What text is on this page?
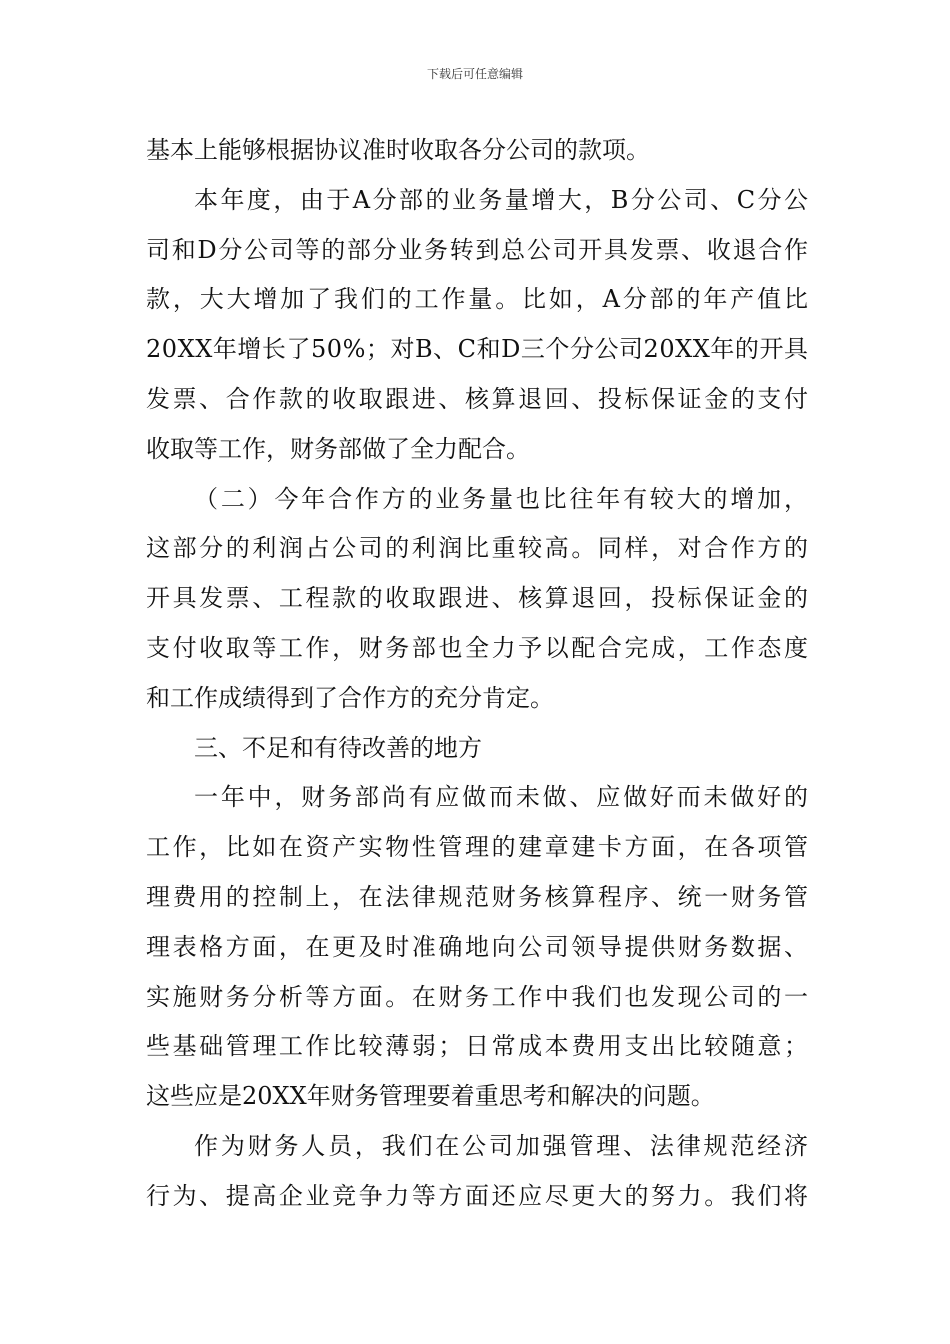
下载后可任意编辑
基本上能够根据协议准时收取各分公司的款项。
本年度，由于A分部的业务量增大，B分公司、C分公
司和D分公司等的部分业务转到总公司开具发票、收退合作
款，大大增加了我们的工作量。比如，A分部的年产值比
20XX年增长了50%；对B、C和D三个分公司20XX年的开具
发票、合作款的收取跟进、核算退回、投标保证金的支付
收取等工作，财务部做了全力配合。
（二）今年合作方的业务量也比往年有较大的增加，
这部分的利润占公司的利润比重较高。同样，对合作方的
开具发票、工程款的收取跟进、核算退回，投标保证金的
支付收取等工作，财务部也全力予以配合完成，工作态度
和工作成绩得到了合作方的充分肯定。
三、不足和有待改善的地方
一年中，财务部尚有应做而未做、应做好而未做好的
工作，比如在资产实物性管理的建章建卡方面，在各项管
理费用的控制上，在法律规范财务核算程序、统一财务管
理表格方面，在更及时准确地向公司领导提供财务数据、
实施财务分析等方面。在财务工作中我们也发现公司的一
些基础管理工作比较薄弱；日常成本费用支出比较随意；
这些应是20XX年财务管理要着重思考和解决的问题。
作为财务人员，我们在公司加强管理、法律规范经济
行为、提高企业竞争力等方面还应尽更大的努力。我们将
